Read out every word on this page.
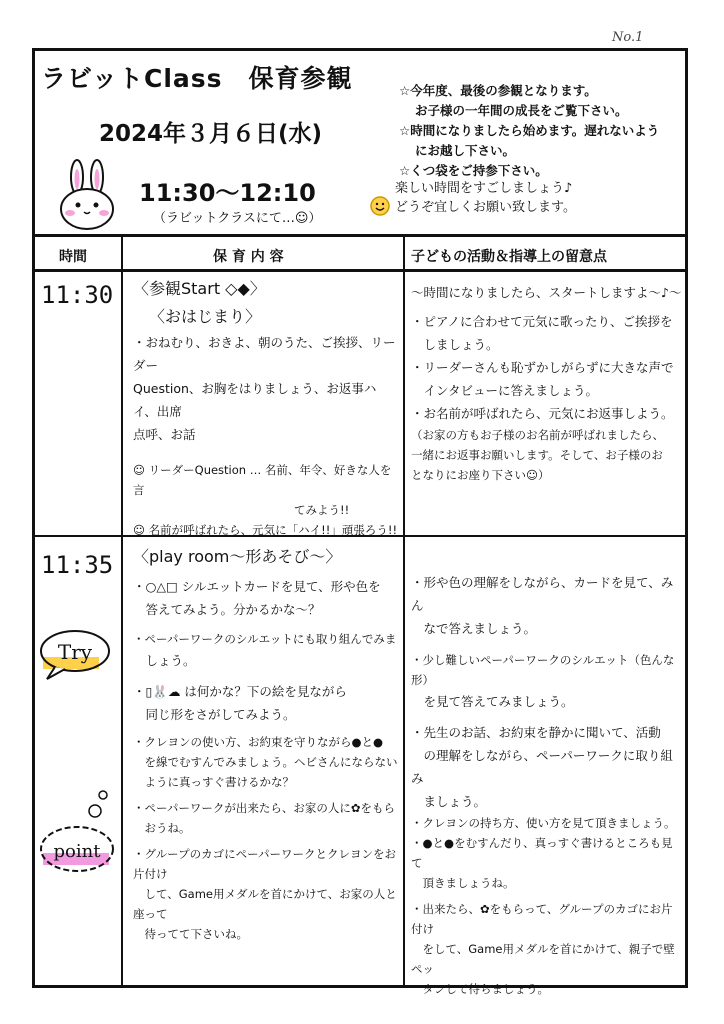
No.1
ラビットClass　保育参観
2024年３月６日(水)
11:30〜12:10
（ラビットクラスにて…☺）
☆今年度、最後の参観となります。
お子様の一年間の成長をご覧下さい。
☆時間になりましたら始めます。遅れないよう
にお越し下さい。
☆くつ袋をご持参下さい。
楽しい時間をすごしましょう♪
どうぞ宜しくお願い致します。
時間	保 育 内 容	子どもの活動＆指導上の留意点
11:30 〈参観Start ◇◆〉
〈おはじまり〉

・おねむり、おきよ、朝のうた、ご挨拶、リーダー

Question、お胸をはりましょう、お返事ハイ、出席

点呼、お話

☺ リーダーQuestion … 名前、年令、好きな人を言

　　　　　　　　　　　　　　てみよう!!

☺ 名前が呼ばれたら、元気に「ハイ!!」頑張ろう!!

〜時間になりましたら、スタートしますよ〜♪〜

・ピアノに合わせて元気に歌ったり、ご挨拶を

　しましょう。

・リーダーさんも恥ずかしがらずに大きな声で

　インタビューに答えましょう。

・お名前が呼ばれたら、元気にお返事しよう。

（お家の方もお子様のお名前が呼ばれましたら、

一緒にお返事お願いします。そして、お子様のお

となりにお座り下さい☺）

11:35
Try
point
〈play room〜形あそび〜〉

・○△□ シルエットカードを見て、形や色を

　答えてみよう。分かるかな〜？

・ペーパーワークのシルエットにも取り組んでみま

　しょう。

・▯🐰☁ は何かな？下の絵を見ながら

　同じ形をさがしてみよう。

・クレヨンの使い方、お約束を守りながら●と●

　を線でむすんでみましょう。ヘビさんにならない

　ように真っすぐ書けるかな？

・ペーパーワークが出来たら、お家の人に✿をもら

　おうね。

・グループのカゴにペーパーワークとクレヨンをお片付け

　して、Game用メダルを首にかけて、お家の人と座って

　待ってて下さいね。

・形や色の理解をしながら、カードを見て、みん

　なで答えましょう。

・少し難しいペーパーワークのシルエット（色んな形）

　を見て答えてみましょう。

・先生のお話、お約束を静かに聞いて、活動

　の理解をしながら、ペーパーワークに取り組み

　ましょう。

・クレヨンの持ち方、使い方を見て頂きましょう。

・●と●をむすんだり、真っすぐ書けるところも見て

　頂きましょうね。

・出来たら、✿をもらって、グループのカゴにお片付け

　をして、Game用メダルを首にかけて、親子で壁ペッ

　タンして待ちましょう。
